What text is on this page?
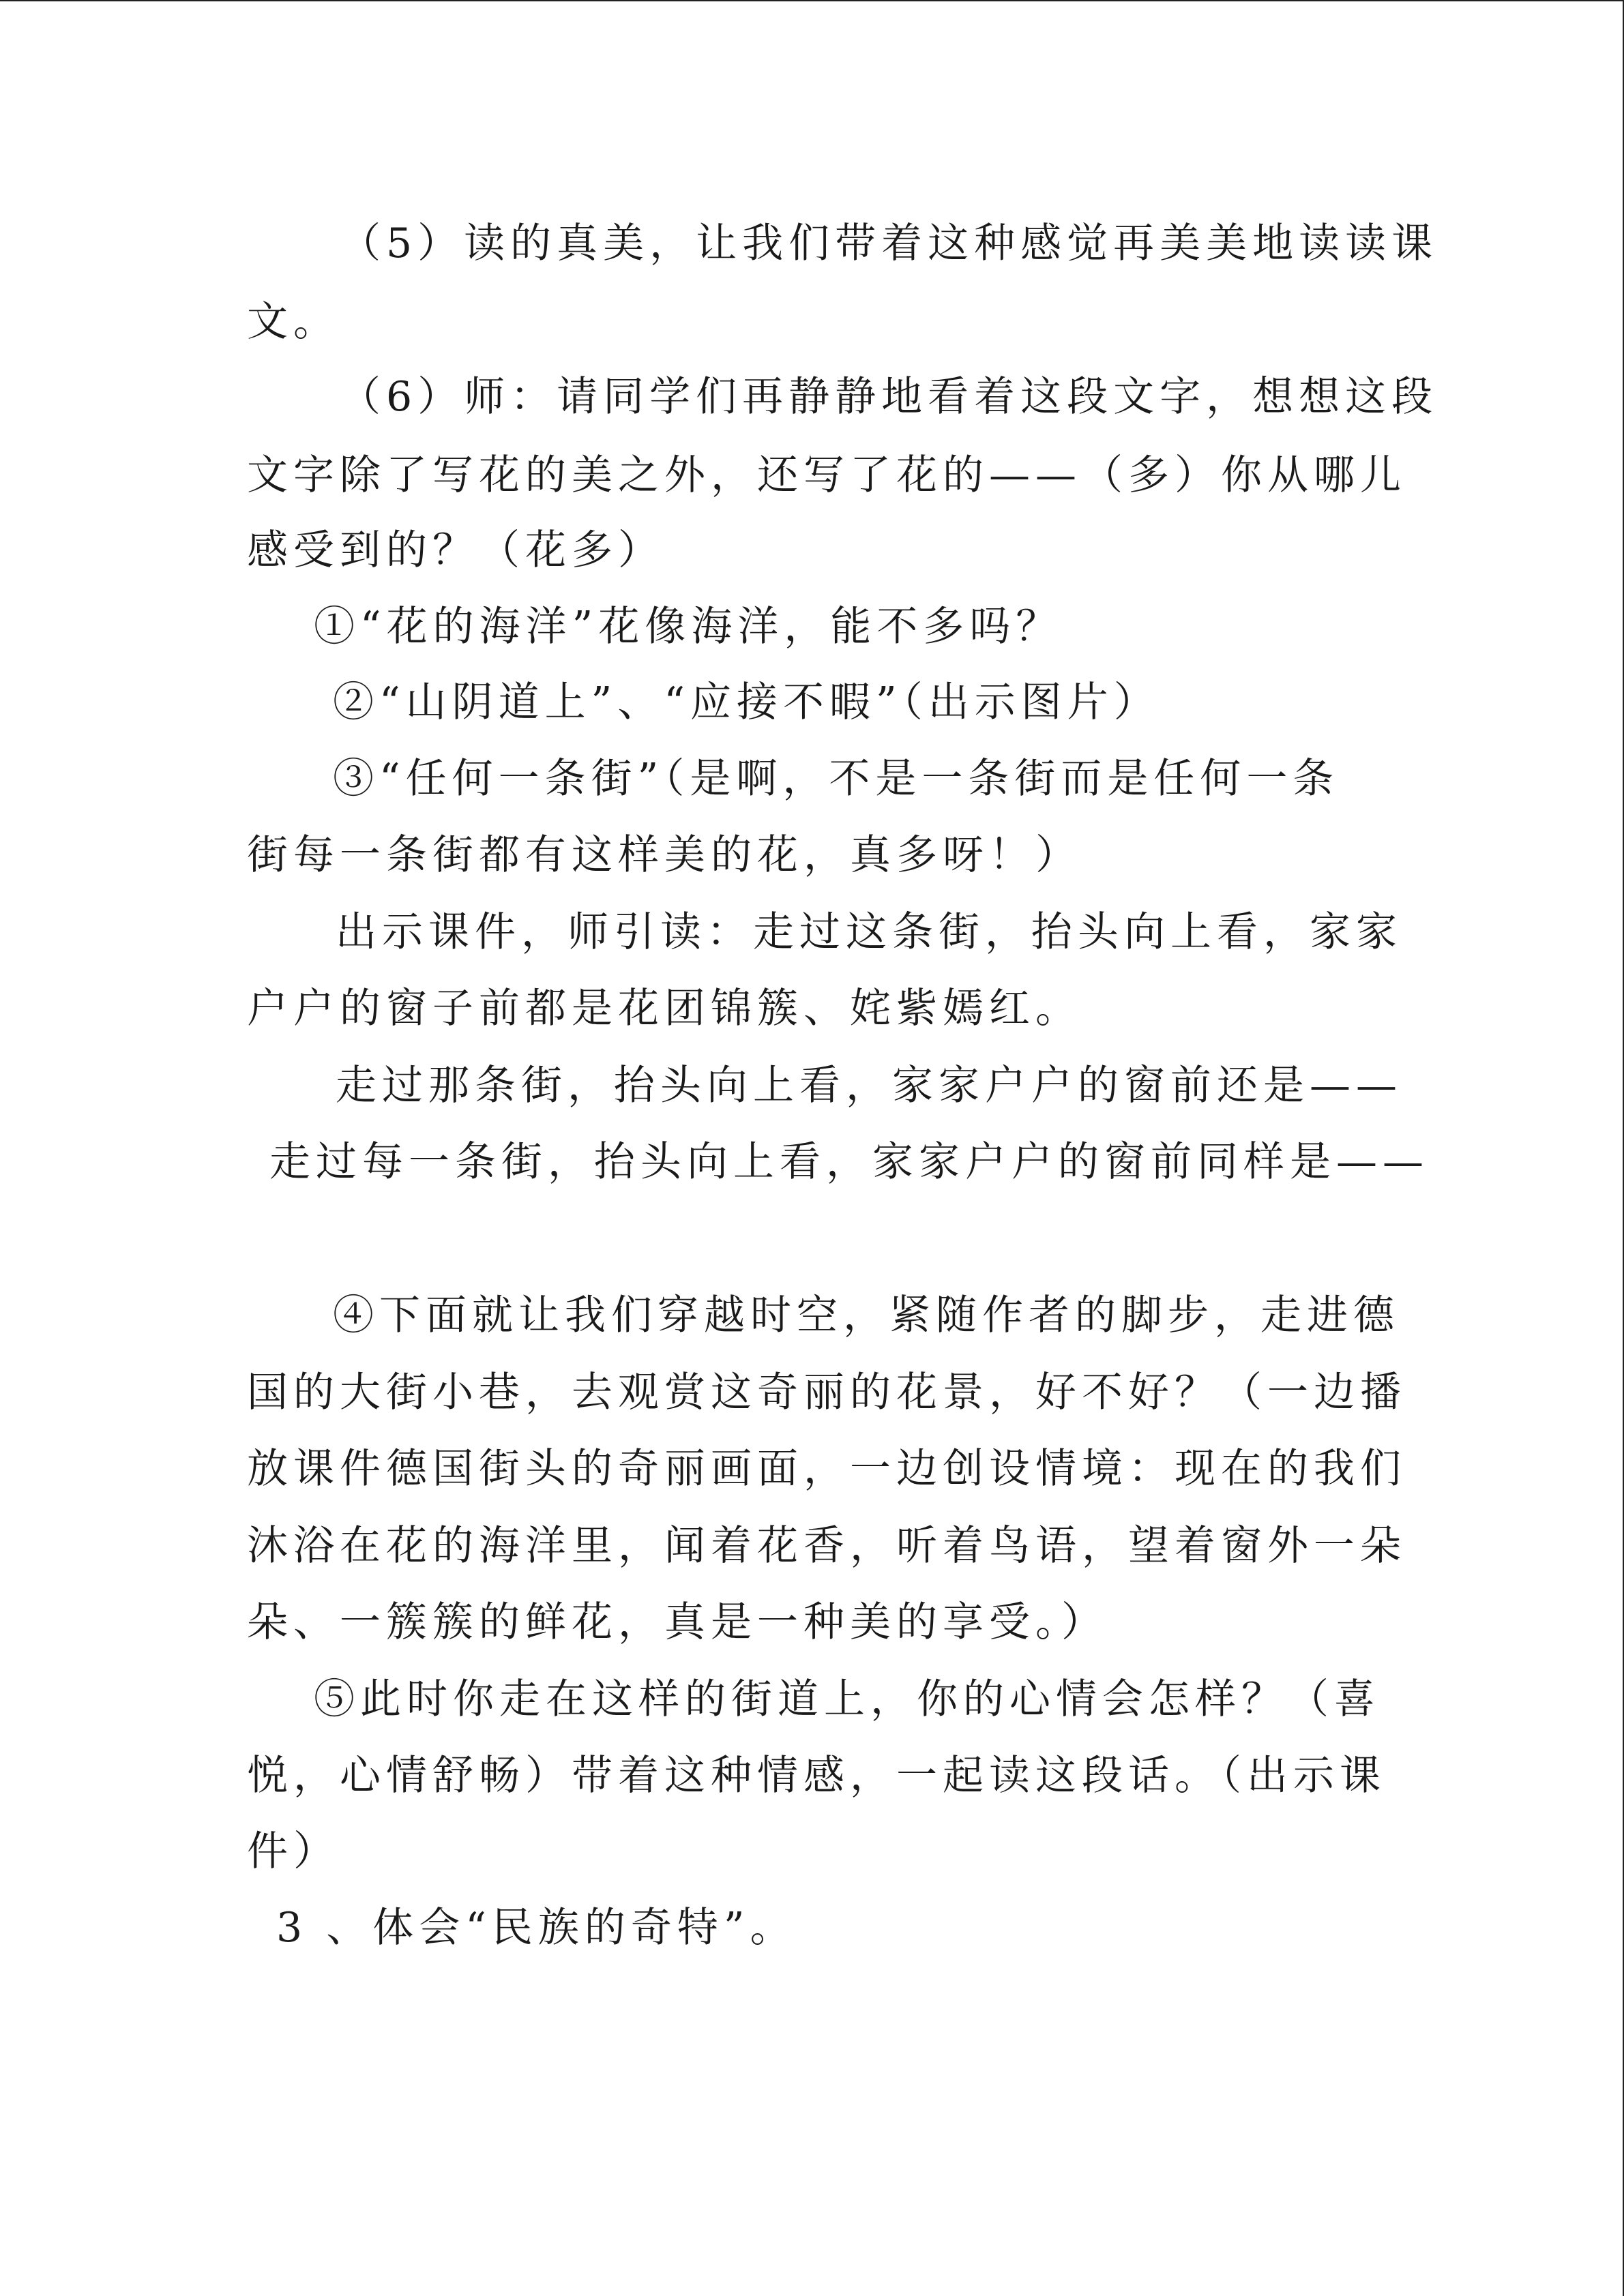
（5）读的真美，让我们带着这种感觉再美美地读读课
文。
（6）师：请同学们再静静地看着这段文字，想想这段
文字除了写花的美之外，还写了花的——（多）你从哪儿
感受到的？（花多）
①“花的海洋”花像海洋，能不多吗？
②“山阴道上”、“应接不暇”（出示图片）
③“任何一条街”（是啊，不是一条街而是任何一条
街每一条街都有这样美的花，真多呀！）
出示课件，师引读：走过这条街，抬头向上看，家家
户户的窗子前都是花团锦簇、姹紫嫣红。
走过那条街，抬头向上看，家家户户的窗前还是——
走过每一条街，抬头向上看，家家户户的窗前同样是——
④下面就让我们穿越时空，紧随作者的脚步，走进德
国的大街小巷，去观赏这奇丽的花景，好不好？（一边播
放课件德国街头的奇丽画面，一边创设情境：现在的我们
沐浴在花的海洋里，闻着花香，听着鸟语，望着窗外一朵
朵、一簇簇的鲜花，真是一种美的享受。）
⑤此时你走在这样的街道上，你的心情会怎样？（喜
悦，心情舒畅）带着这种情感，一起读这段话。（出示课
件）
3 、体会“民族的奇特”。
